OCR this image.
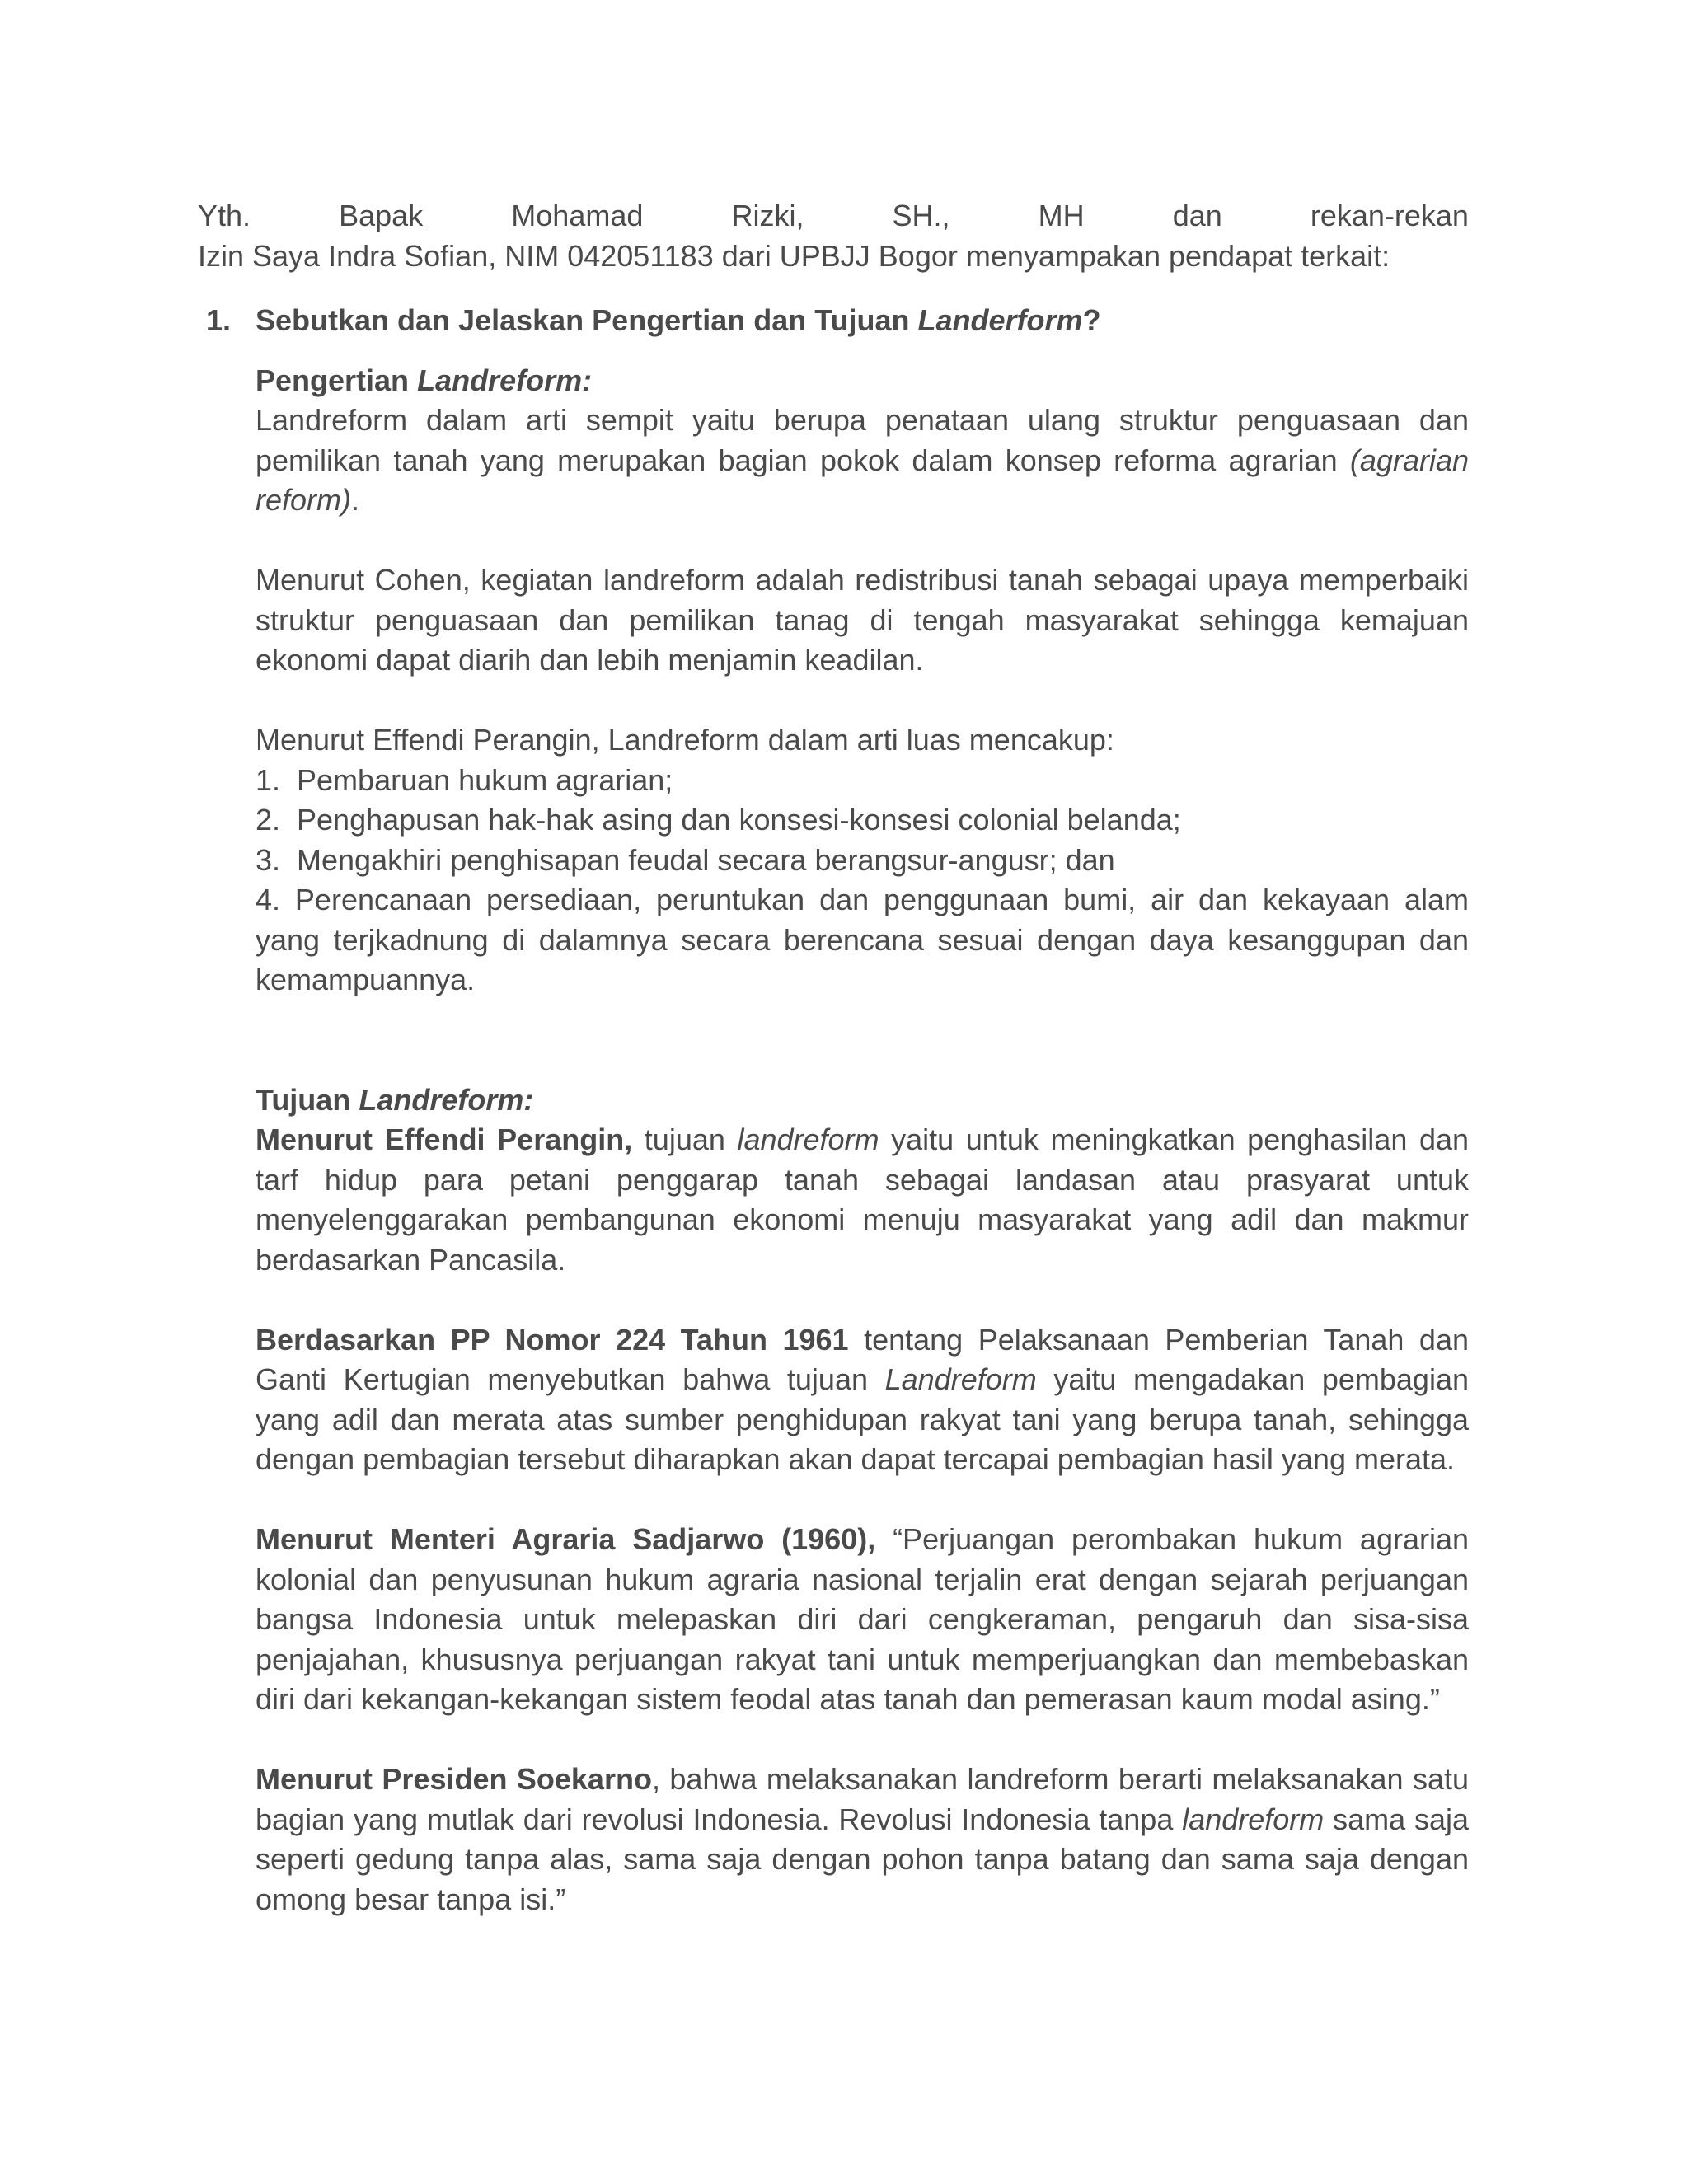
Yth.	Bapak	Mohamad	Rizki,	SH.,	MH	dan	rekan-rekan

Izin Saya Indra Sofian, NIM 042051183 dari UPBJJ Bogor menyampakan pendapat terkait:

1. Sebutkan dan Jelaskan Pengertian dan Tujuan Landerform?

Pengertian Landreform:

Landreform dalam arti sempit yaitu berupa penataan ulang struktur penguasaan dan pemilikan tanah yang merupakan bagian pokok dalam konsep reforma agrarian (agrarian reform).

Menurut Cohen, kegiatan landreform adalah redistribusi tanah sebagai upaya memperbaiki struktur penguasaan dan pemilikan tanag di tengah masyarakat sehingga kemajuan ekonomi dapat diarih dan lebih menjamin keadilan.

Menurut Effendi Perangin, Landreform dalam arti luas mencakup:

1.  Pembaruan hukum agrarian;

2.  Penghapusan hak-hak asing dan konsesi-konsesi colonial belanda;

3.  Mengakhiri penghisapan feudal secara berangsur-angusr; dan

4. Perencanaan persediaan, peruntukan dan penggunaan bumi, air dan kekayaan alam yang terjkadnung di dalamnya secara berencana sesuai dengan daya kesanggupan dan kemampuannya.

Tujuan Landreform:

Menurut Effendi Perangin, tujuan landreform yaitu untuk meningkatkan penghasilan dan tarf hidup para petani penggarap tanah sebagai landasan atau prasyarat untuk menyelenggarakan pembangunan ekonomi menuju masyarakat yang adil dan makmur berdasarkan Pancasila.

Berdasarkan PP Nomor 224 Tahun 1961 tentang Pelaksanaan Pemberian Tanah dan Ganti Kertugian menyebutkan bahwa tujuan Landreform yaitu mengadakan pembagian yang adil dan merata atas sumber penghidupan rakyat tani yang berupa tanah, sehingga dengan pembagian tersebut diharapkan akan dapat tercapai pembagian hasil yang merata.

Menurut Menteri Agraria Sadjarwo (1960), “Perjuangan perombakan hukum agrarian kolonial dan penyusunan hukum agraria nasional terjalin erat dengan sejarah perjuangan bangsa Indonesia untuk melepaskan diri dari cengkeraman, pengaruh dan sisa-sisa penjajahan, khususnya perjuangan rakyat tani untuk memperjuangkan dan membebaskan diri dari kekangan-kekangan sistem feodal atas tanah dan pemerasan kaum modal asing.”

Menurut Presiden Soekarno, bahwa melaksanakan landreform berarti melaksanakan satu bagian yang mutlak dari revolusi Indonesia. Revolusi Indonesia tanpa landreform sama saja seperti gedung tanpa alas, sama saja dengan pohon tanpa batang dan sama saja dengan omong besar tanpa isi.”
